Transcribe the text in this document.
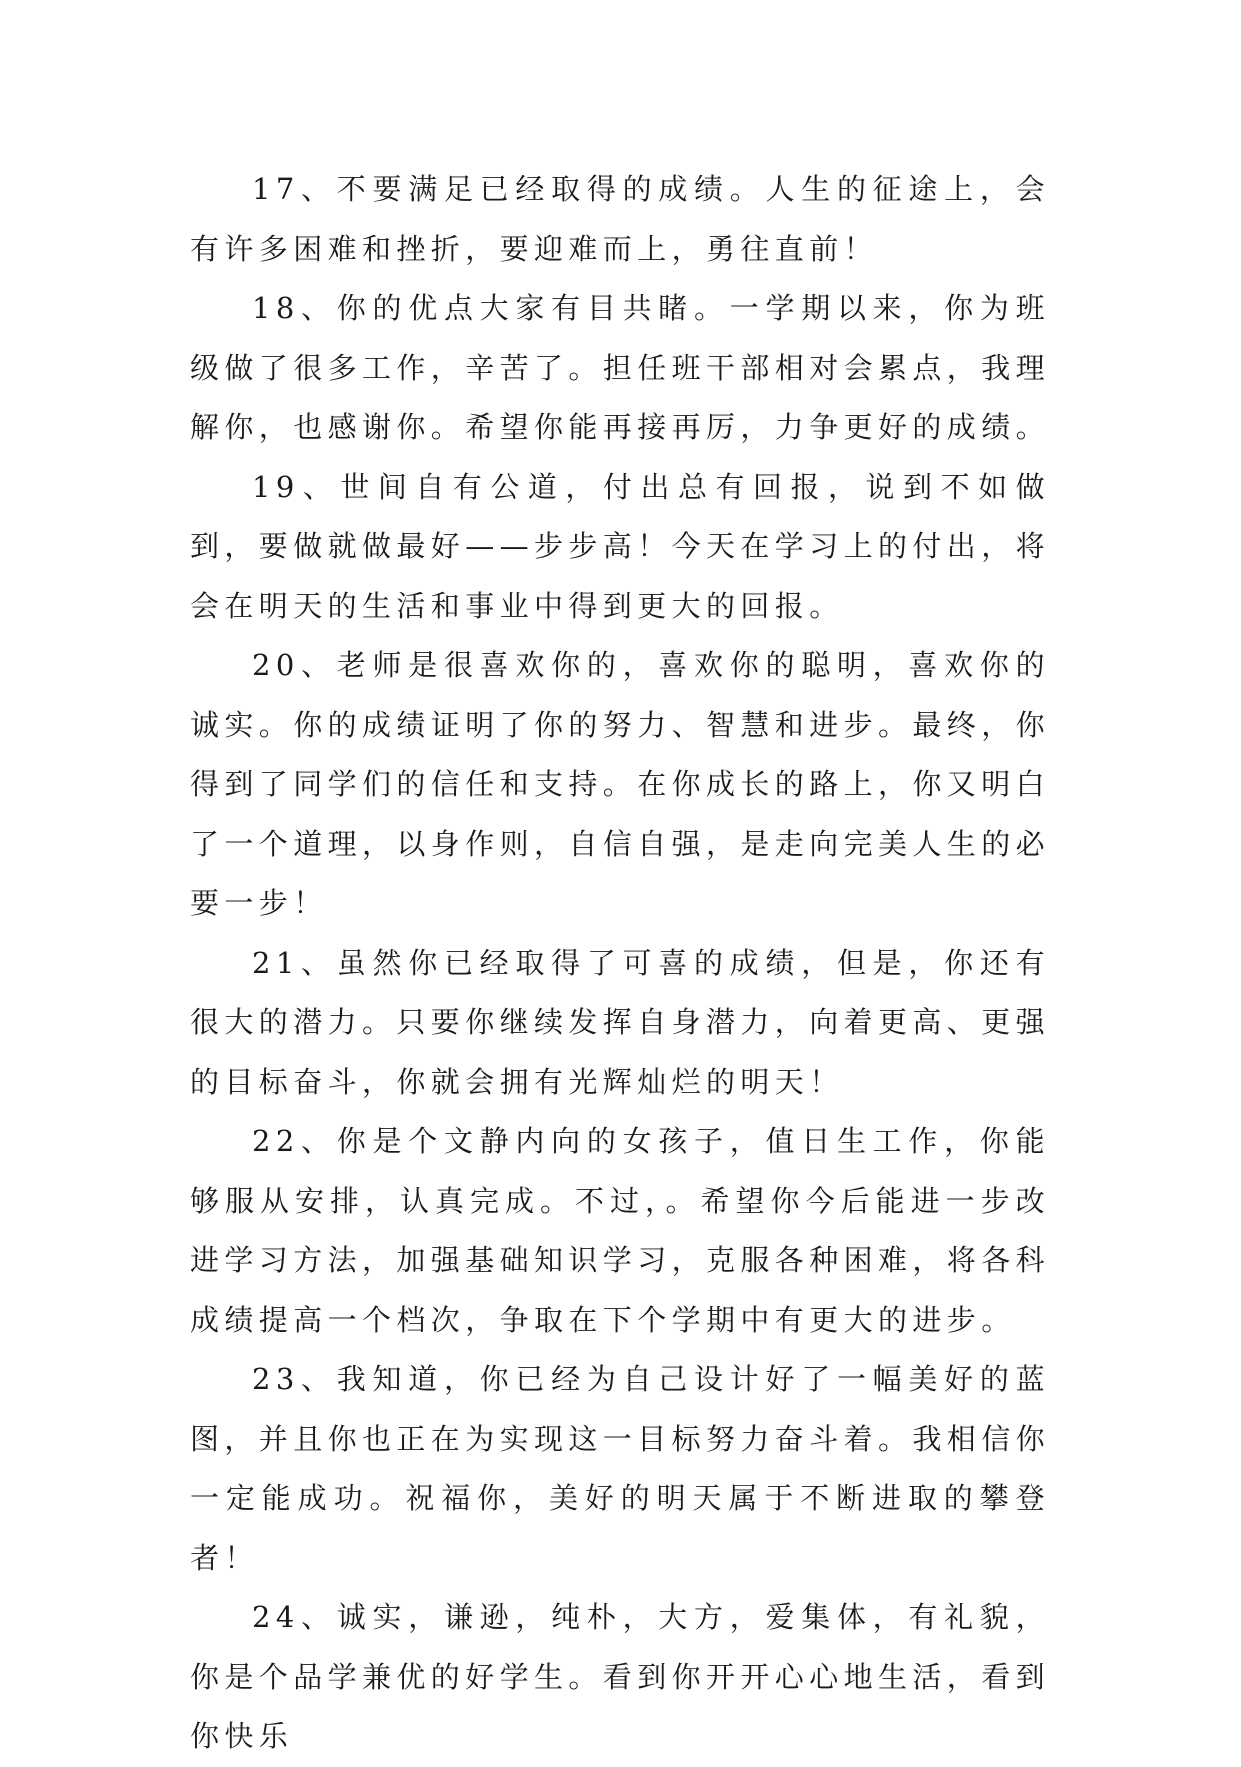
17、不要满足已经取得的成绩。人生的征途上，会有许多困难和挫折，要迎难而上，勇往直前！

18、你的优点大家有目共睹。一学期以来，你为班级做了很多工作，辛苦了。担任班干部相对会累点，我理解你，也感谢你。希望你能再接再厉，力争更好的成绩。

19、世间自有公道，付出总有回报，说到不如做到，要做就做最好——步步高！今天在学习上的付出，将会在明天的生活和事业中得到更大的回报。

20、老师是很喜欢你的，喜欢你的聪明，喜欢你的诚实。你的成绩证明了你的努力、智慧和进步。最终，你得到了同学们的信任和支持。在你成长的路上，你又明白了一个道理，以身作则，自信自强，是走向完美人生的必要一步！

21、虽然你已经取得了可喜的成绩，但是，你还有很大的潜力。只要你继续发挥自身潜力，向着更高、更强的目标奋斗，你就会拥有光辉灿烂的明天！

22、你是个文静内向的女孩子，值日生工作，你能够服从安排，认真完成。不过，。希望你今后能进一步改进学习方法，加强基础知识学习，克服各种困难，将各科成绩提高一个档次，争取在下个学期中有更大的进步。

23、我知道，你已经为自己设计好了一幅美好的蓝图，并且你也正在为实现这一目标努力奋斗着。我相信你一定能成功。祝福你，美好的明天属于不断进取的攀登者！

24、诚实，谦逊，纯朴，大方，爱集体，有礼貌，你是个品学兼优的好学生。看到你开开心心地生活，看到你快乐
